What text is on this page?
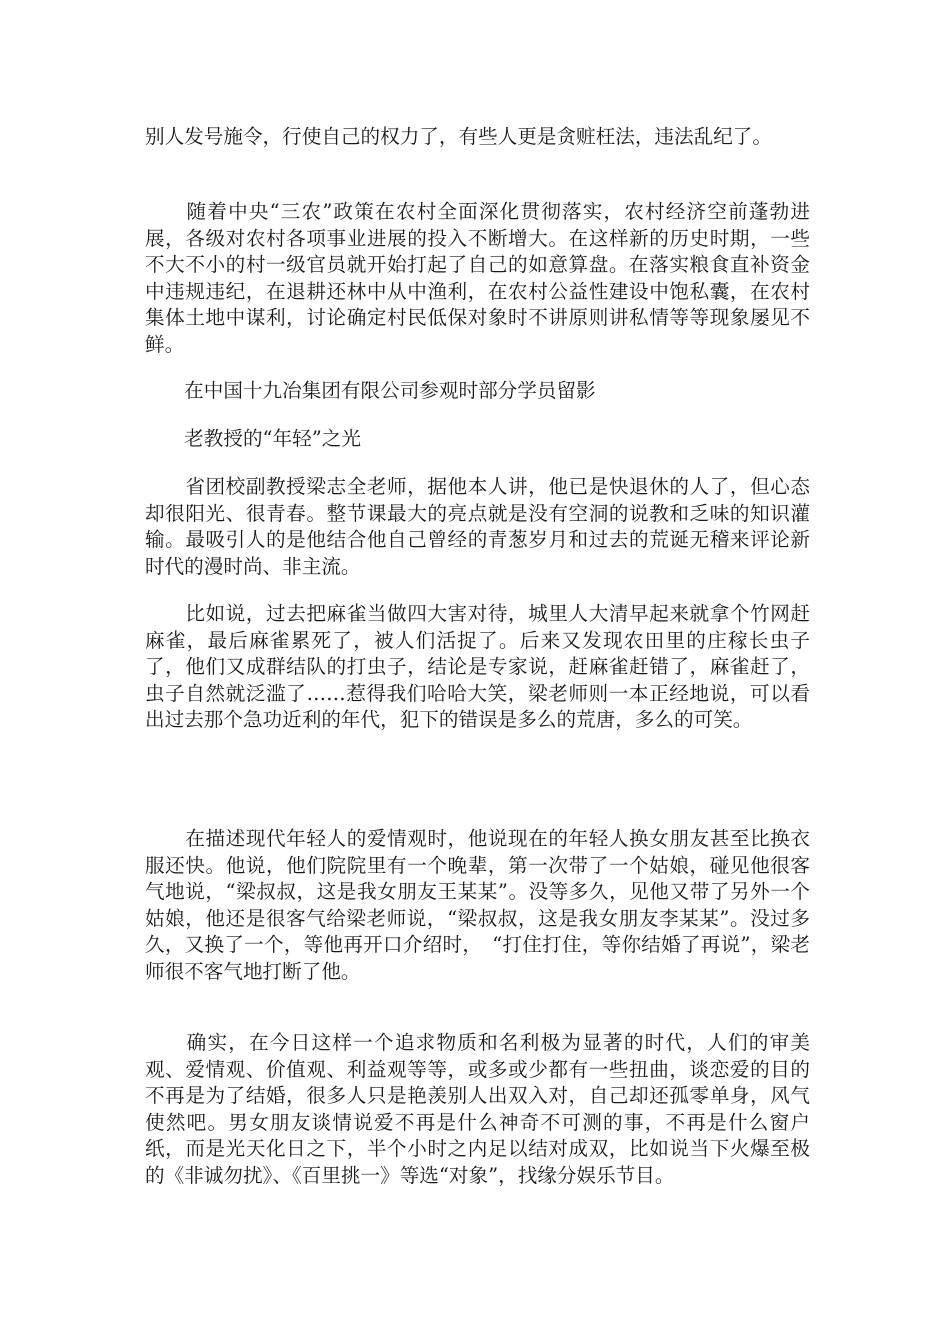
别人发号施令，行使自己的权力了，有些人更是贪赃枉法，违法乱纪了。

　　随着中央“三农”政策在农村全面深化贯彻落实，农村经济空前蓬勃进展，各级对农村各项事业进展的投入不断增大。在这样新的历史时期，一些不大不小的村一级官员就开始打起了自己的如意算盘。在落实粮食直补资金中违规违纪，在退耕还林中从中渔利，在农村公益性建设中饱私囊，在农村集体土地中谋利，讨论确定村民低保对象时不讲原则讲私情等等现象屡见不鲜。

　　在中国十九冶集团有限公司参观时部分学员留影

　　老教授的“年轻”之光

　　省团校副教授梁志全老师，据他本人讲，他已是快退休的人了，但心态却很阳光、很青春。整节课最大的亮点就是没有空洞的说教和乏味的知识灌输。最吸引人的是他结合他自己曾经的青葱岁月和过去的荒诞无稽来评论新时代的漫时尚、非主流。

　　比如说，过去把麻雀当做四大害对待，城里人大清早起来就拿个竹网赶麻雀，最后麻雀累死了，被人们活捉了。后来又发现农田里的庄稼长虫子了，他们又成群结队的打虫子，结论是专家说，赶麻雀赶错了，麻雀赶了，虫子自然就泛滥了……惹得我们哈哈大笑，梁老师则一本正经地说，可以看出过去那个急功近利的年代，犯下的错误是多么的荒唐，多么的可笑。

　　在描述现代年轻人的爱情观时，他说现在的年轻人换女朋友甚至比换衣服还快。他说，他们院院里有一个晚辈，第一次带了一个姑娘，碰见他很客气地说，“梁叔叔，这是我女朋友王某某”。没等多久，见他又带了另外一个姑娘，他还是很客气给梁老师说，“梁叔叔，这是我女朋友李某某”。没过多久，又换了一个，等他再开口介绍时，　“打住打住，等你结婚了再说”，梁老师很不客气地打断了他。

　　确实，在今日这样一个追求物质和名利极为显著的时代，人们的审美观、爱情观、价值观、利益观等等，或多或少都有一些扭曲，谈恋爱的目的不再是为了结婚，很多人只是艳羡别人出双入对，自己却还孤零单身，风气使然吧。男女朋友谈情说爱不再是什么神奇不可测的事，不再是什么窗户纸，而是光天化日之下，半个小时之内足以结对成双，比如说当下火爆至极的《非诚勿扰》、《百里挑一》等选“对象”，找缘分娱乐节目。
